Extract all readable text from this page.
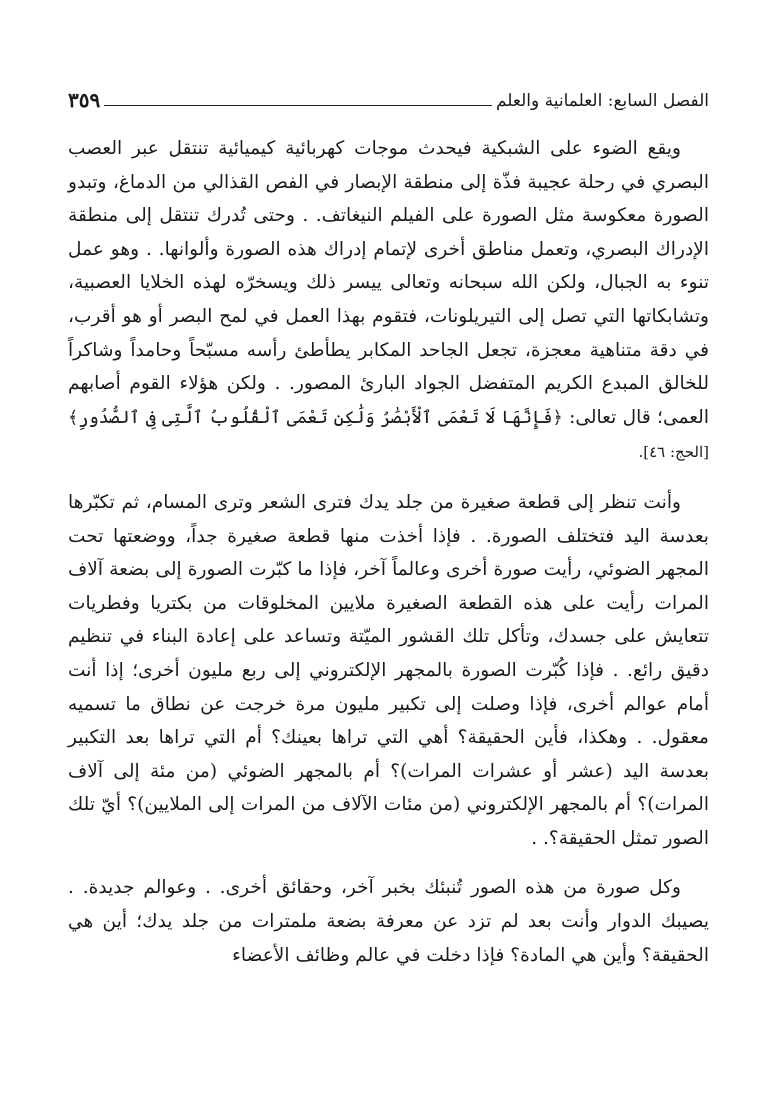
الفصل السابع: العلمانية والعلم
٣٥٩

ويقع الضوء على الشبكية فيحدث موجات كهربائية كيميائية تنتقل عبر العصب البصري في رحلة عجيبة فذّة إلى منطقة الإبصار في الفص القذالي من الدماغ، وتبدو الصورة معكوسة مثل الصورة على الفيلم النيغاتف. . وحتى تُدرك تنتقل إلى منطقة الإدراك البصري، وتعمل مناطق أخرى لإتمام إدراك هذه الصورة وألوانها. . وهو عمل تنوء به الجبال، ولكن الله سبحانه وتعالى ييسر ذلك ويسخرّه لهذه الخلايا العصبية، وتشابكاتها التي تصل إلى التيريلونات، فتقوم بهذا العمل في لمح البصر أو هو أقرب، في دقة متناهية معجزة، تجعل الجاحد المكابر يطأطئ رأسه مسبّحاً وحامداً وشاكراً للخالق المبدع الكريم المتفضل الجواد البارئ المصور. . ولكن هؤلاء القوم أصابهم العمى؛ قال تعالى: ﴿فَإِنَّهَا لَا تَعْمَى ٱلْأَبْصَٰرُ وَلَٰكِن تَعْمَى ٱلْقُلُوبُ ٱلَّتِى فِى ٱلصُّدُورِ﴾ [الحج: ٤٦].

وأنت تنظر إلى قطعة صغيرة من جلد يدك فترى الشعر وترى المسام، ثم تكبّرها بعدسة اليد فتختلف الصورة. . فإذا أخذت منها قطعة صغيرة جداً، ووضعتها تحت المجهر الضوئي، رأيت صورة أخرى وعالماً آخر، فإذا ما كبّرت الصورة إلى بضعة آلاف المرات رأيت على هذه القطعة الصغيرة ملايين المخلوقات من بكتريا وفطريات تتعايش على جسدك، وتأكل تلك القشور الميّتة وتساعد على إعادة البناء في تنظيم دقيق رائع. . فإذا كُبّرت الصورة بالمجهر الإلكتروني إلى ربع مليون أخرى؛ إذا أنت أمام عوالم أخرى، فإذا وصلت إلى تكبير مليون مرة خرجت عن نطاق ما تسميه معقول. . وهكذا، فأين الحقيقة؟ أهي التي تراها بعينك؟ أم التي تراها بعد التكبير بعدسة اليد (عشر أو عشرات المرات)؟ أم بالمجهر الضوئي (من مئة إلى آلاف المرات)؟ أم بالمجهر الإلكتروني (من مئات الآلاف من المرات إلى الملايين)؟ أيّ تلك الصور تمثل الحقيقة؟. .

وكل صورة من هذه الصور تُنبئك بخبر آخر، وحقائق أخرى. . وعوالم جديدة. . يصيبك الدوار وأنت بعد لم تزد عن معرفة بضعة ملمترات من جلد يدك؛ أين هي الحقيقة؟ وأين هي المادة؟ فإذا دخلت في عالم وظائف الأعضاء
